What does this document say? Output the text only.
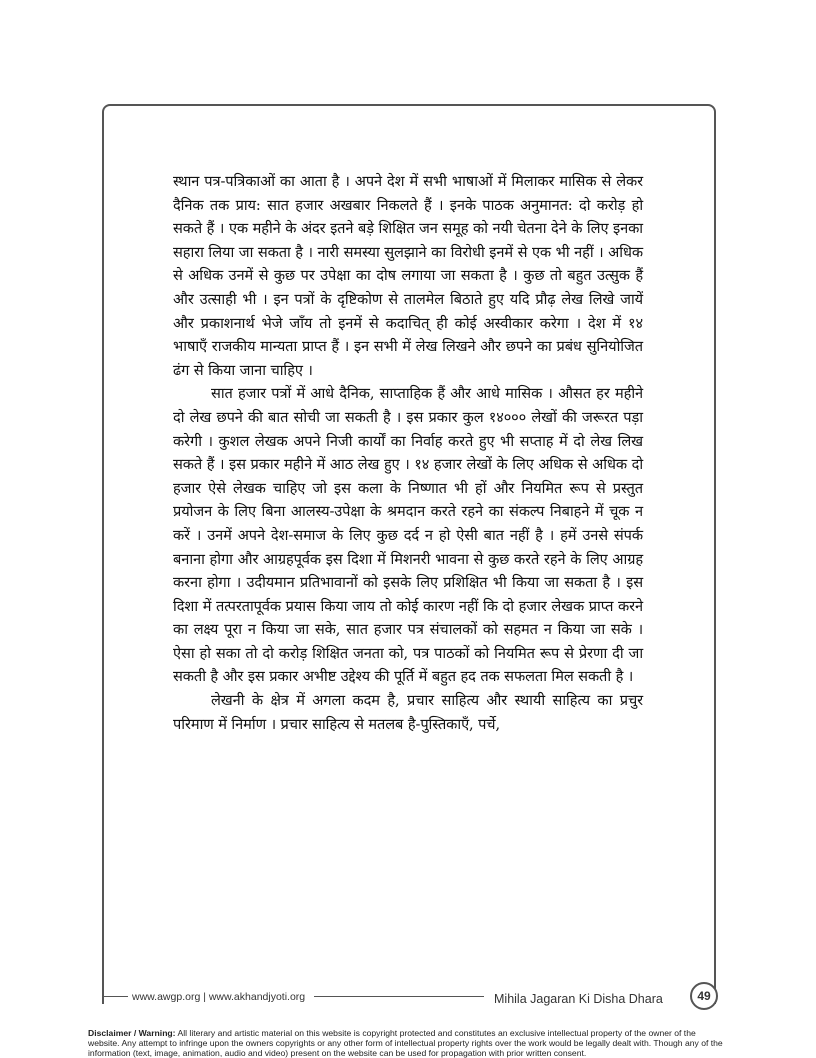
स्थान पत्र-पत्रिकाओं का आता है । अपने देश में सभी भाषाओं में मिलाकर मासिक से लेकर दैनिक तक प्राय: सात हजार अखबार निकलते हैं । इनके पाठक अनुमानत: दो करोड़ हो सकते हैं । एक महीने के अंदर इतने बड़े शिक्षित जन समूह को नयी चेतना देने के लिए इनका सहारा लिया जा सकता है । नारी समस्या सुलझाने का विरोधी इनमें से एक भी नहीं । अधिक से अधिक उनमें से कुछ पर उपेक्षा का दोष लगाया जा सकता है । कुछ तो बहुत उत्सुक हैं और उत्साही भी । इन पत्रों के दृष्टिकोण से तालमेल बिठाते हुए यदि प्रौढ़ लेख लिखे जायें और प्रकाशनार्थ भेजे जाँय तो इनमें से कदाचित् ही कोई अस्वीकार करेगा । देश में १४ भाषाएँ राजकीय मान्यता प्राप्त हैं । इन सभी में लेख लिखने और छपने का प्रबंध सुनियोजित ढंग से किया जाना चाहिए ।

सात हजार पत्रों में आधे दैनिक, साप्ताहिक हैं और आधे मासिक । औसत हर महीने दो लेख छपने की बात सोची जा सकती है । इस प्रकार कुल १४००० लेखों की जरूरत पड़ा करेगी । कुशल लेखक अपने निजी कार्यों का निर्वाह करते हुए भी सप्ताह में दो लेख लिख सकते हैं । इस प्रकार महीने में आठ लेख हुए । १४ हजार लेखों के लिए अधिक से अधिक दो हजार ऐसे लेखक चाहिए जो इस कला के निष्णात भी हों और नियमित रूप से प्रस्तुत प्रयोजन के लिए बिना आलस्य-उपेक्षा के श्रमदान करते रहने का संकल्प निबाहने में चूक न करें । उनमें अपने देश-समाज के लिए कुछ दर्द न हो ऐसी बात नहीं है । हमें उनसे संपर्क बनाना होगा और आग्रहपूर्वक इस दिशा में मिशनरी भावना से कुछ करते रहने के लिए आग्रह करना होगा । उदीयमान प्रतिभावानों को इसके लिए प्रशिक्षित भी किया जा सकता है । इस दिशा में तत्परतापूर्वक प्रयास किया जाय तो कोई कारण नहीं कि दो हजार लेखक प्राप्त करने का लक्ष्य पूरा न किया जा सके, सात हजार पत्र संचालकों को सहमत न किया जा सके । ऐसा हो सका तो दो करोड़ शिक्षित जनता को, पत्र पाठकों को नियमित रूप से प्रेरणा दी जा सकती है और इस प्रकार अभीष्ट उद्देश्य की पूर्ति में बहुत हद तक सफलता मिल सकती है ।

लेखनी के क्षेत्र में अगला कदम है, प्रचार साहित्य और स्थायी साहित्य का प्रचुर परिमाण में निर्माण । प्रचार साहित्य से मतलब है-पुस्तिकाएँ, पर्चे,

www.awgp.org | www.akhandjyoti.org	Mihila Jagaran Ki Disha Dhara	49
Disclaimer / Warning: All literary and artistic material on this website is copyright protected and constitutes an exclusive intellectual property of the owner of the website. Any attempt to infringe upon the owners copyrights or any other form of intellectual property rights over the work would be legally dealt with. Though any of the information (text, image, animation, audio and video) present on the website can be used for propagation with prior written consent.
